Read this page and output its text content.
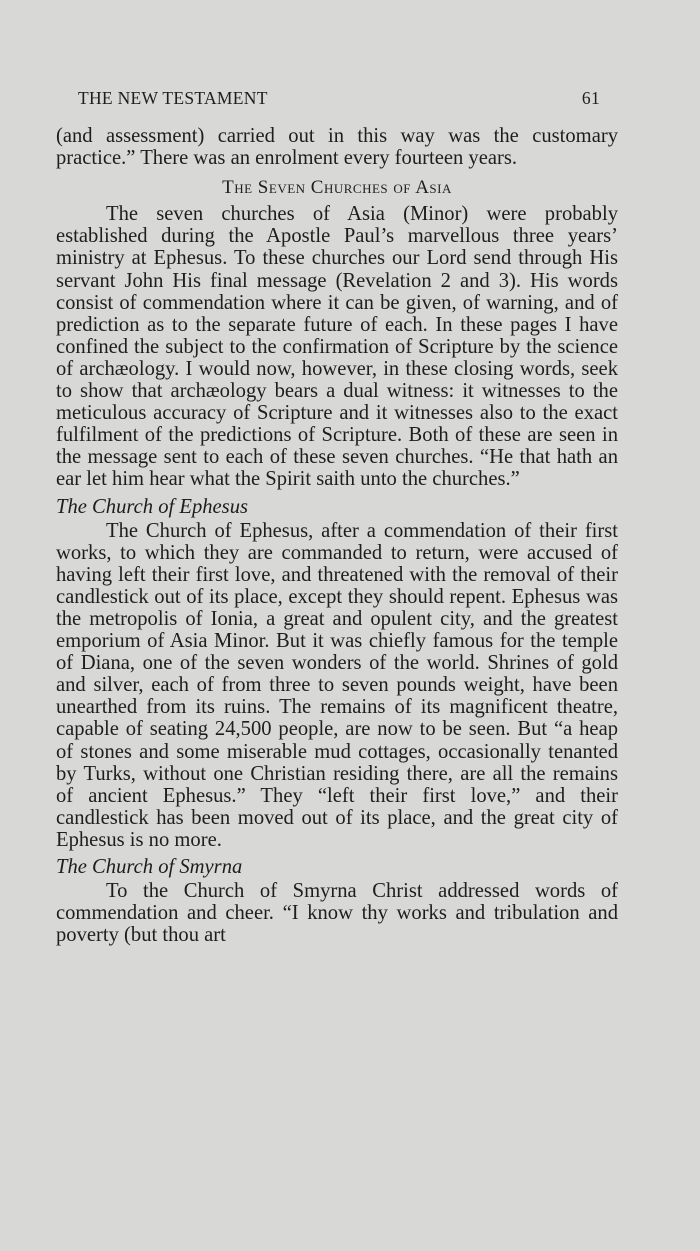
THE NEW TESTAMENT	61

(and assessment) carried out in this way was the customary practice.” There was an enrolment every fourteen years.

The Seven Churches of Asia

The seven churches of Asia (Minor) were probably established during the Apostle Paul’s marvellous three years’ ministry at Ephesus. To these churches our Lord send through His servant John His final message (Revelation 2 and 3). His words consist of commendation where it can be given, of warning, and of prediction as to the separate future of each. In these pages I have confined the subject to the confirmation of Scripture by the science of archæology. I would now, however, in these closing words, seek to show that archæology bears a dual witness: it witnesses to the meticulous accuracy of Scripture and it witnesses also to the exact fulfilment of the predictions of Scripture. Both of these are seen in the message sent to each of these seven churches. “He that hath an ear let him hear what the Spirit saith unto the churches.”

The Church of Ephesus

The Church of Ephesus, after a commendation of their first works, to which they are commanded to return, were accused of having left their first love, and threatened with the removal of their candlestick out of its place, except they should repent. Ephesus was the metropolis of Ionia, a great and opulent city, and the greatest emporium of Asia Minor. But it was chiefly famous for the temple of Diana, one of the seven wonders of the world. Shrines of gold and silver, each of from three to seven pounds weight, have been unearthed from its ruins. The remains of its magnificent theatre, capable of seating 24,500 people, are now to be seen. But “a heap of stones and some miserable mud cottages, occasionally tenanted by Turks, without one Christian residing there, are all the remains of ancient Ephesus.” They “left their first love,” and their candlestick has been moved out of its place, and the great city of Ephesus is no more.

The Church of Smyrna

To the Church of Smyrna Christ addressed words of commendation and cheer. “I know thy works and tribulation and poverty (but thou art
